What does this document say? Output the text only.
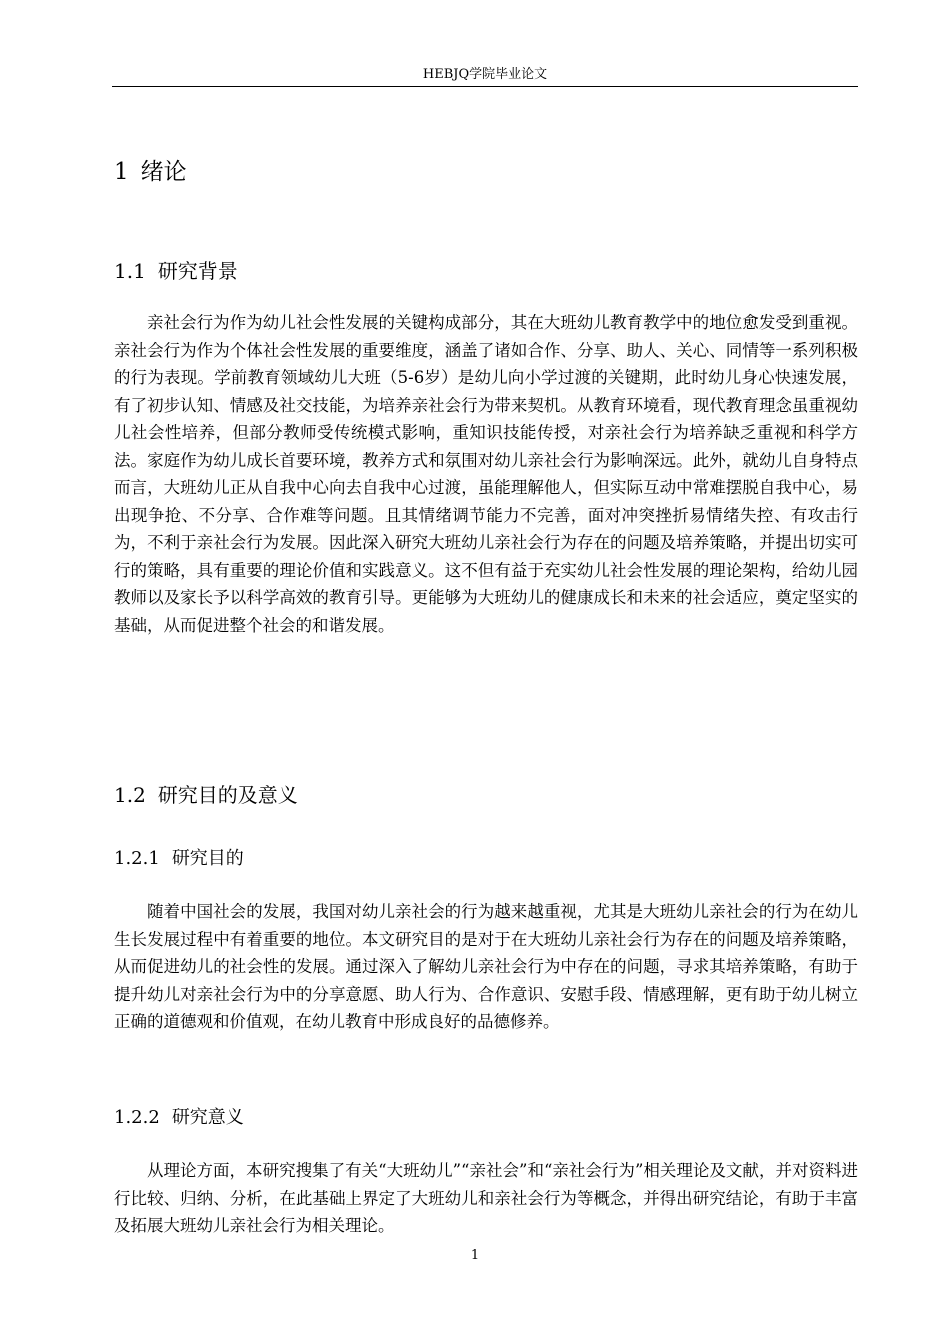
HEBJQ学院毕业论文
1 绪论
1.1 研究背景

亲社会行为作为幼儿社会性发展的关键构成部分，其在大班幼儿教育教学中的地位愈发受到重视。亲社会行为作为个体社会性发展的重要维度，涵盖了诸如合作、分享、助人、关心、同情等一系列积极的行为表现。学前教育领域幼儿大班（5-6岁）是幼儿向小学过渡的关键期，此时幼儿身心快速发展，有了初步认知、情感及社交技能，为培养亲社会行为带来契机。从教育环境看，现代教育理念虽重视幼儿社会性培养，但部分教师受传统模式影响，重知识技能传授，对亲社会行为培养缺乏重视和科学方法。家庭作为幼儿成长首要环境，教养方式和氛围对幼儿亲社会行为影响深远。此外，就幼儿自身特点而言，大班幼儿正从自我中心向去自我中心过渡，虽能理解他人，但实际互动中常难摆脱自我中心，易出现争抢、不分享、合作难等问题。且其情绪调节能力不完善，面对冲突挫折易情绪失控、有攻击行为，不利于亲社会行为发展。因此深入研究大班幼儿亲社会行为存在的问题及培养策略，并提出切实可行的策略，具有重要的理论价值和实践意义。这不但有益于充实幼儿社会性发展的理论架构，给幼儿园教师以及家长予以科学高效的教育引导。更能够为大班幼儿的健康成长和未来的社会适应，奠定坚实的基础，从而促进整个社会的和谐发展。

1.2 研究目的及意义
1.2.1 研究目的

随着中国社会的发展，我国对幼儿亲社会的行为越来越重视，尤其是大班幼儿亲社会的行为在幼儿生长发展过程中有着重要的地位。本文研究目的是对于在大班幼儿亲社会行为存在的问题及培养策略，从而促进幼儿的社会性的发展。通过深入了解幼儿亲社会行为中存在的问题，寻求其培养策略，有助于提升幼儿对亲社会行为中的分享意愿、助人行为、合作意识、安慰手段、情感理解，更有助于幼儿树立正确的道德观和价值观，在幼儿教育中形成良好的品德修养。

1.2.2 研究意义

从理论方面，本研究搜集了有关“大班幼儿”“亲社会”和“亲社会行为”相关理论及文献，并对资料进行比较、归纳、分析，在此基础上界定了大班幼儿和亲社会行为等概念，并得出研究结论，有助于丰富及拓展大班幼儿亲社会行为相关理论。

1
